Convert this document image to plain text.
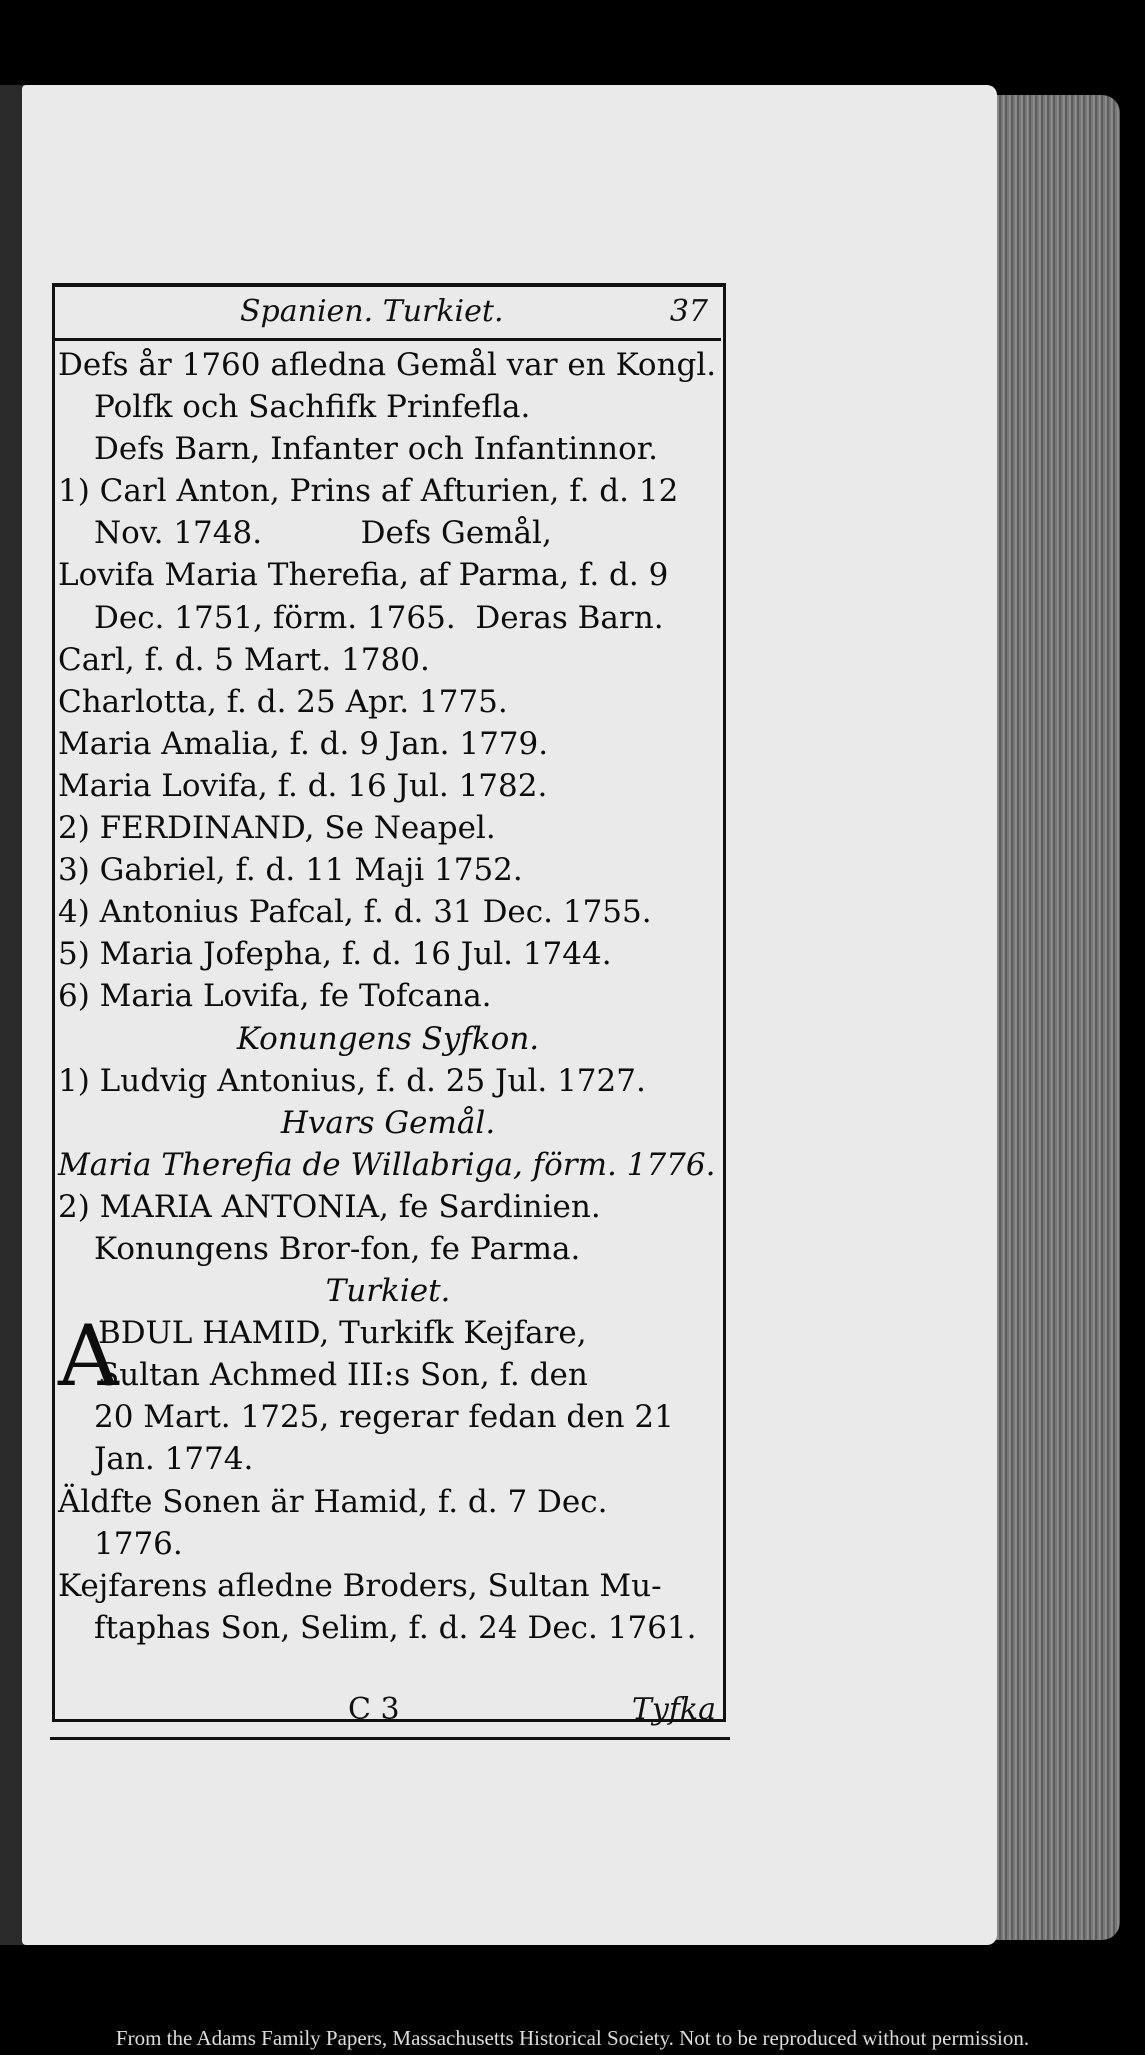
Spanien. Turkiet.	37
Defs år 1760 afledna Gemål var en Kongl.
Polfk och Sachfifk Prinfefla.
Defs Barn, Infanter och Infantinnor.
1) Carl Anton, Prins af Afturien, f. d. 12
Nov. 1748.          Defs Gemål,
Lovifa Maria Therefia, af Parma, f. d. 9
Dec. 1751, förm. 1765.  Deras Barn.
Carl, f. d. 5 Mart. 1780.
Charlotta, f. d. 25 Apr. 1775.
Maria Amalia, f. d. 9 Jan. 1779.
Maria Lovifa, f. d. 16 Jul. 1782.
2) FERDINAND, Se Neapel.
3) Gabriel, f. d. 11 Maji 1752.
4) Antonius Pafcal, f. d. 31 Dec. 1755.
5) Maria Jofepha, f. d. 16 Jul. 1744.
6) Maria Lovifa, fe Tofcana.
Konungens Syfkon.
1) Ludvig Antonius, f. d. 25 Jul. 1727.
Hvars Gemål.
Maria Therefia de Willabriga, förm. 1776.
2) MARIA ANTONIA, fe Sardinien.
Konungens Bror-fon, fe Parma.
Turkiet.
A
BDUL HAMID, Turkifk Kejfare,
Sultan Achmed III:s Son, f. den
20 Mart. 1725, regerar fedan den 21
Jan. 1774.
Äldfte Sonen är Hamid, f. d. 7 Dec.
1776.
Kejfarens afledne Broders, Sultan Mu-
ftaphas Son, Selim, f. d. 24 Dec. 1761.
C 3	Tyfka
From the Adams Family Papers, Massachusetts Historical Society. Not to be reproduced without permission.
